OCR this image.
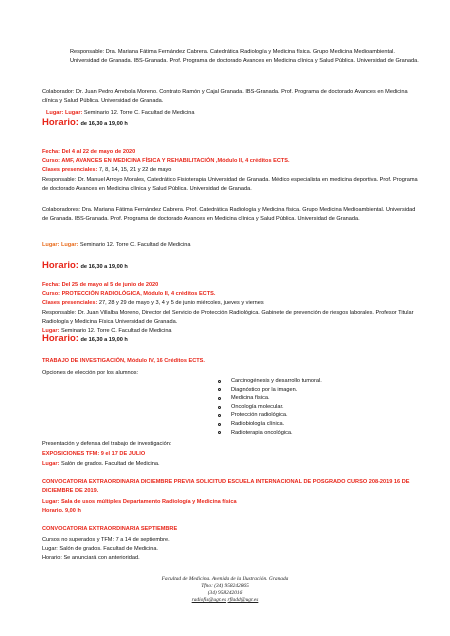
Responsable: Dra. Mariana Fátima Fernández Cabrera. Catedrática Radiología y Medicina física. Grupo Medicina Medioambiental. Universidad de Granada. IBS-Granada. Prof. Programa de doctorado Avances en Medicina clínica y Salud Pública. Universidad de Granada.
Colaborador: Dr. Juan Pedro Arrebola Moreno. Contrato Ramón y Cajal Granada. IBS-Granada. Prof. Programa de doctorado Avances en Medicina clínica y Salud Pública. Universidad de Granada.
Lugar: Lugar: Seminario 12. Torre C. Facultad de Medicina
Horario: de 16,30 a 19,00 h
Fecha: Del 4 al 22 de mayo de 2020
Curso: AMF, AVANCES EN MEDICINA FÍSICA Y REHABILITACIÓN ,Módulo II, 4 créditos ECTS.
Clases presenciales: 7, 8, 14, 15, 21 y 22 de mayo
Responsable: Dr. Manuel Arroyo Morales, Catedrático Fisioterapia Universidad de Granada. Médico especialista en medicina deportiva. Prof. Programa de doctorado Avances en Medicina clínica y Salud Pública. Universidad de Granada.
Colaboradores: Dra. Mariana Fátima Fernández Cabrera. Prof. Catedrática Radiología y Medicina física. Grupo Medicina Medioambiental. Universidad de Granada. IBS-Granada. Prof. Programa de doctorado Avances en Medicina clínica y Salud Pública. Universidad de Granada.
Lugar: Lugar: Seminario 12. Torre C. Facultad de Medicina
Horario: de 16,30 a 19,00 h
Fecha: Del 25 de mayo al 5 de junio de 2020
Curso: PROTECCIÓN RADIOLÓGICA, Módulo II, 4 créditos ECTS.
Clases presenciales: 27, 28 y 29 de mayo y 3, 4 y 5 de junio miércoles, jueves y viernes
Responsable: Dr. Juan Villalba Moreno, Director del Servicio de Protección Radiológica. Gabinete de prevención de riesgos laborales. Profesor Titular Radiología y Medicina Física Universidad de Granada.
Lugar: Seminario 12. Torre C. Facultad de Medicina
Horario: de 16,30 a 19,00 h
TRABAJO DE INVESTIGACIÓN, Módulo IV, 16 Créditos ECTS.
Opciones de elección por los alumnos:
Carcinogénesis y desarrollo tumoral.
Diagnóstico por la imagen.
Medicina física.
Oncología molecular.
Protección radiológica.
Radiobiología clínica.
Radioterapia oncológica.
Presentación y defensa del trabajo de investigación:
EXPOSICIONES TFM: 9 el 17 DE JULIO
Lugar: Salón de grados. Facultad de Medicina.
CONVOCATORIA EXTRAORDINARIA DICIEMBRE PREVIA SOLICITUD ESCUELA INTERNACIONAL DE POSGRADO CURSO 208-2019 16 DE DICIEMBRE DE 2019.
Lugar: Sala de usos múltiples Departamento Radiología y Medicina física
Horario. 9,00 h
CONVOCATORIA EXTRAORDINARIA SEPTIEMBRE
Cursos no superados y TFM: 7 a 14 de septiembre.
Lugar: Salón de grados. Facultad de Medicina.
Horario: Se anunciará con anterioridad.
Facultad de Medicina. Avenida de la Ilustración. Granada
Tfno: (34) 958242865
(34) 958242016
radiofis@ugr.es rfladd@ugr.es
